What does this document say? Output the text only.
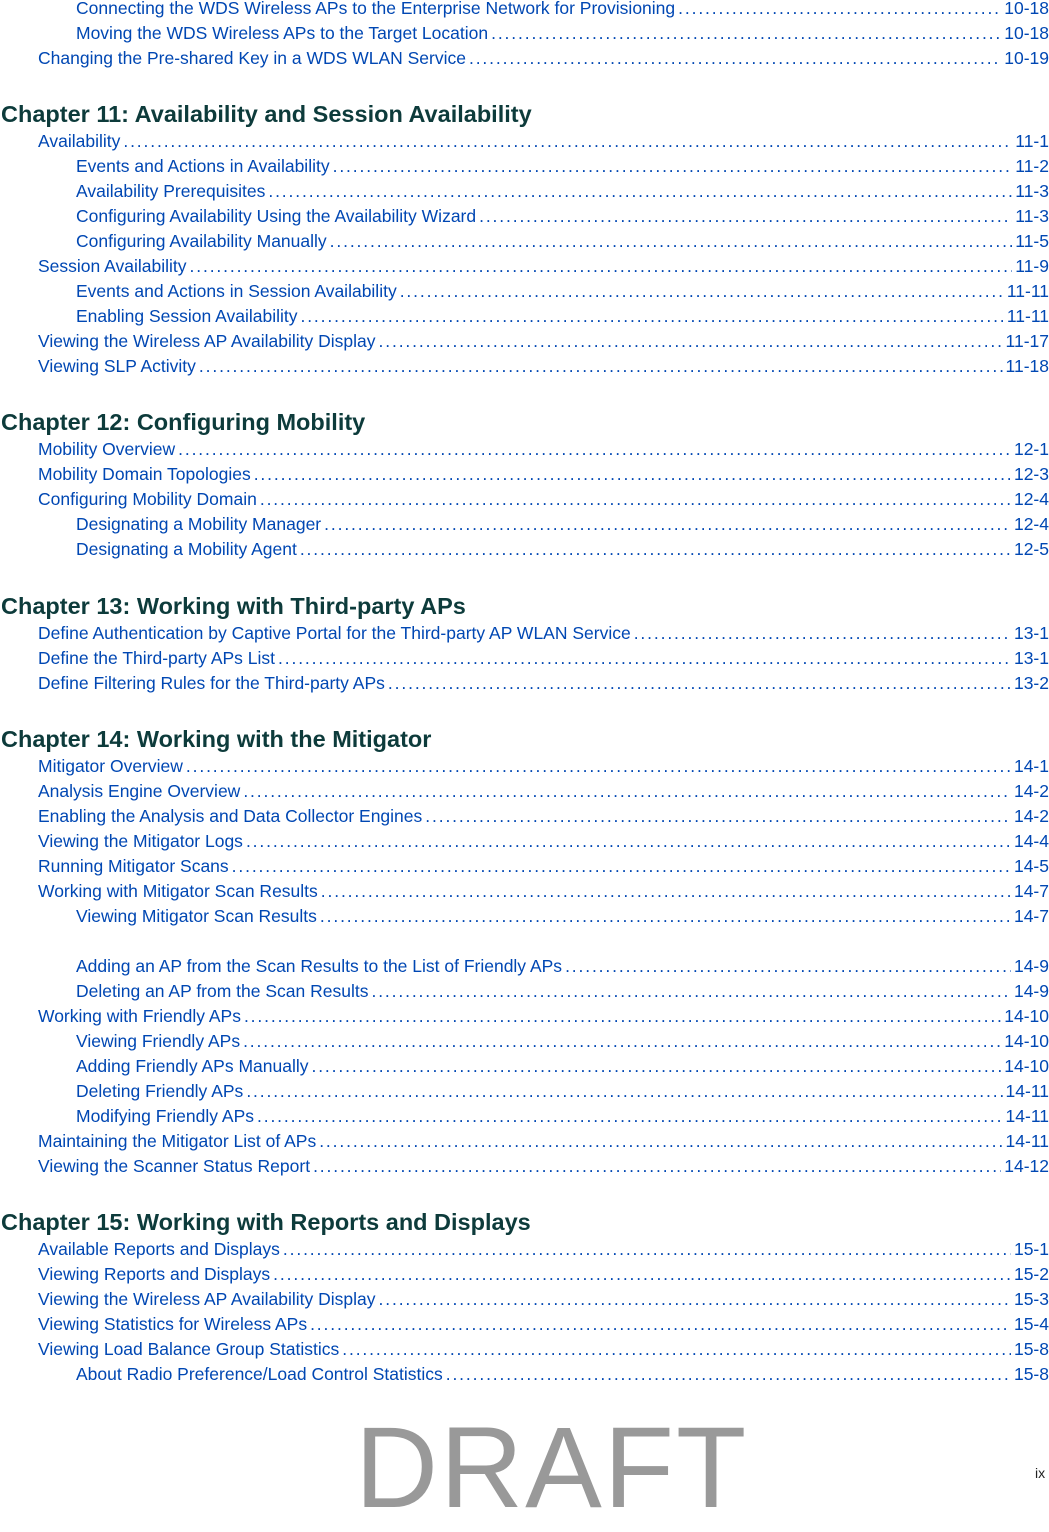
Connecting the WDS Wireless APs to the Enterprise Network for Provisioning . . .	10-18
Moving the WDS Wireless APs to the Target Location . . .	10-18
Changing the Pre-shared Key in a WDS WLAN Service . . .	10-19
Chapter 11: Availability and Session Availability
Availability . . .	11-1
Events and Actions in Availability . . .	11-2
Availability Prerequisites . . .	11-3
Configuring Availability Using the Availability Wizard . . .	11-3
Configuring Availability Manually . . .	11-5
Session Availability . . .	11-9
Events and Actions in Session Availability . . .	11-11
Enabling Session Availability . . .	11-11
Viewing the Wireless AP Availability Display . . .	11-17
Viewing SLP Activity . . .	11-18
Chapter 12: Configuring Mobility
Mobility Overview . . .	12-1
Mobility Domain Topologies . . .	12-3
Configuring Mobility Domain . . .	12-4
Designating a Mobility Manager . . .	12-4
Designating a Mobility Agent . . .	12-5
Chapter 13: Working with Third-party APs
Define Authentication by Captive Portal for the Third-party AP WLAN Service . . .	13-1
Define the Third-party APs List . . .	13-1
Define Filtering Rules for the Third-party APs . . .	13-2
Chapter 14: Working with the Mitigator
Mitigator Overview . . .	14-1
Analysis Engine Overview . . .	14-2
Enabling the Analysis and Data Collector Engines . . .	14-2
Viewing the Mitigator Logs . . .	14-4
Running Mitigator Scans . . .	14-5
Working with Mitigator Scan Results . . .	14-7
Viewing Mitigator Scan Results . . .	14-7
Adding an AP from the Scan Results to the List of Friendly APs . . .	14-9
Deleting an AP from the Scan Results . . .	14-9
Working with Friendly APs . . .	14-10
Viewing Friendly APs . . .	14-10
Adding Friendly APs Manually . . .	14-10
Deleting Friendly APs . . .	14-11
Modifying Friendly APs . . .	14-11
Maintaining the Mitigator List of APs . . .	14-11
Viewing the Scanner Status Report . . .	14-12
Chapter 15: Working with Reports and Displays
Available Reports and Displays . . .	15-1
Viewing Reports and Displays . . .	15-2
Viewing the Wireless AP Availability Display . . .	15-3
Viewing Statistics for Wireless APs . . .	15-4
Viewing Load Balance Group Statistics . . .	15-8
About Radio Preference/Load Control Statistics . . .	15-8
ix
DRAFT
